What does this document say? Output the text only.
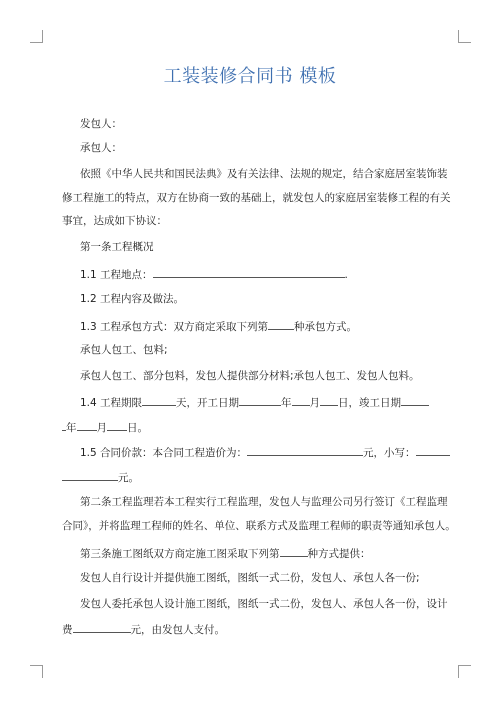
工装装修合同书 模板
发包人：
承包人：
依照《中华人民共和国民法典》及有关法律、法规的规定，结合家庭居室装饰装
修工程施工的特点，双方在协商一致的基础上，就发包人的家庭居室装修工程的有关
事宜，达成如下协议：
第一条工程概况
1.1 工程地点：	.
1.2 工程内容及做法。
1.3 工程承包方式：双方商定采取下列第 种承包方式。
承包人包工、包料;
承包人包工、部分包料，发包人提供部分材料;承包人包工、发包人包料。
1.4 工程期限	天，开工日期	年 月 日，竣工日期
年 月 日。
1.5 合同价款：本合同工程造价为：	元，小写：
元。
第二条工程监理若本工程实行工程监理，发包人与监理公司另行签订《工程监理
合同》，并将监理工程师的姓名、单位、联系方式及监理工程师的职责等通知承包人。
第三条施工图纸双方商定施工图采取下列第	种方式提供：
发包人自行设计并提供施工图纸，图纸一式二份，发包人、承包人各一份;
发包人委托承包人设计施工图纸，图纸一式二份，发包人、承包人各一份，设计
费	元，由发包人支付。
